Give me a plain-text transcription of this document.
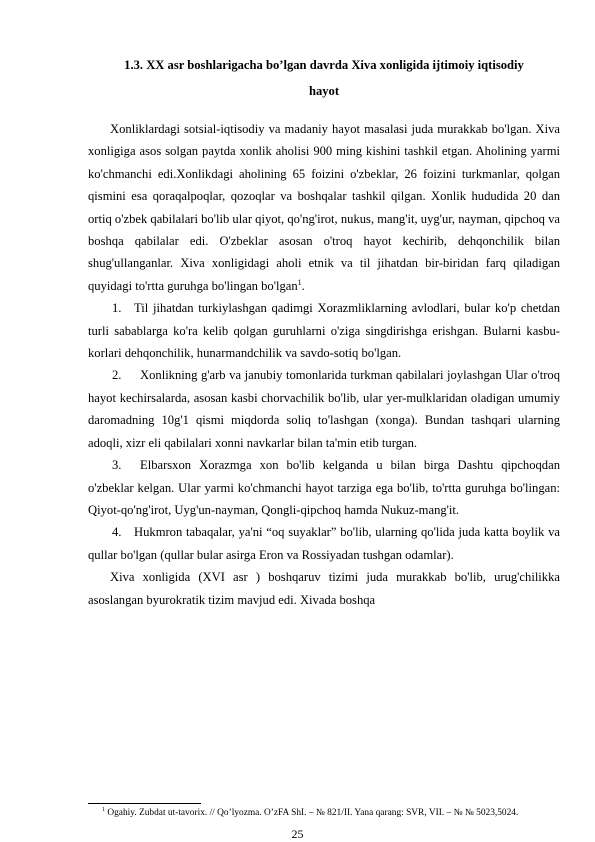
1.3. XX asr boshlarigacha bo’lgan davrda Xiva xonligida ijtimoiy iqtisodiy
hayot

Xonliklardagi sotsial-iqtisodiy va madaniy hayot masalasi juda murakkab bo'lgan. Xiva xonligiga asos solgan paytda xonlik aholisi 900 ming kishini tashkil etgan. Aholining yarmi ko'chmanchi edi.Xonlikdagi aholining 65 foizini o'zbeklar, 26 foizini turkmanlar, qolgan qismini esa qoraqalpoqlar, qozoqlar va boshqalar tashkil qilgan. Xonlik hududida 20 dan ortiq o'zbek qabilalari bo'lib ular qiyot, qo'ng'irot, nukus, mang'it, uyg'ur, nayman, qipchoq va boshqa qabilalar edi. O'zbeklar asosan o'troq hayot kechirib, dehqonchilik bilan shug'ullanganlar. Xiva xonligidagi aholi etnik va til jihatdan bir-biridan farq qiladigan quyidagi to'rtta guruhga bo'lingan bo'lgan$^1$.

1. Til jihatdan turkiylashgan qadimgi Xorazmliklarning avlodlari, bular ko'p chetdan turli sabablarga ko'ra kelib qolgan guruhlarni o'ziga singdirishga erishgan. Bularni kasbu-korlari dehqonchilik, hunarmandchilik va savdo-sotiq bo'lgan.

2. Xonlikning g'arb va janubiy tomonlarida turkman qabilalari joylashgan Ular o'troq hayot kechirsalarda, asosan kasbi chorvachilik bo'lib, ular yer-mulklaridan oladigan umumiy daromadning 10g'1 qismi miqdorda soliq to'lashgan (xonga). Bundan tashqari ularning adoqli, xizr eli qabilalari xonni navkarlar bilan ta'min etib turgan.

3. Elbarsxon Xorazmga xon bo'lib kelganda u bilan birga Dashtu qipchoqdan o'zbeklar kelgan. Ular yarmi ko'chmanchi hayot tarziga ega bo'lib, to'rtta guruhga bo'lingan: Qiyot-qo'ng'irot, Uyg'un-nayman, Qongli-qipchoq hamda Nukuz-mang'it.

4. Hukmron tabaqalar, ya'ni “oq suyaklar” bo'lib, ularning qo'lida juda katta boylik va qullar bo'lgan (qullar bular asirga Eron va Rossiyadan tushgan odamlar).

Xiva xonligida (XVI asr ) boshqaruv tizimi juda murakkab bo'lib, urug'chilikka asoslangan byurokratik tizim mavjud edi. Xivada boshqa

$^1$ Ogahiy. Zubdat ut-tavorix. // Qo’lyozma. O’zFA ShI. – № 821/II. Yana qarang: SVR, VII. – № № 5023,5024.
25
